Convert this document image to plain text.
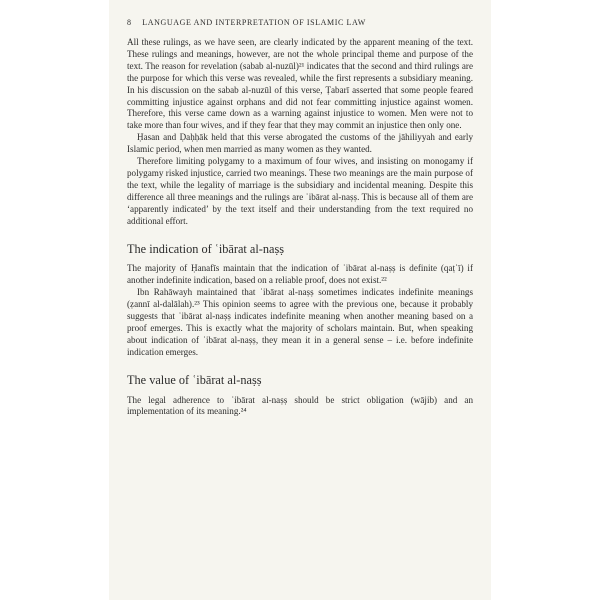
8 LANGUAGE AND INTERPRETATION OF ISLAMIC LAW

All these rulings, as we have seen, are clearly indicated by the apparent meaning of the text. These rulings and meanings, however, are not the whole principal theme and purpose of the text. The reason for revelation (sabab al-nuzūl)²¹ indicates that the second and third rulings are the purpose for which this verse was revealed, while the first represents a subsidiary meaning. In his discussion on the sabab al-nuzūl of this verse, Ṭabarī asserted that some people feared committing injustice against orphans and did not fear committing injustice against women. Therefore, this verse came down as a warning against injustice to women. Men were not to take more than four wives, and if they fear that they may commit an injustice then only one.

Ḥasan and Ḍaḥḥāk held that this verse abrogated the customs of the jāhiliyyah and early Islamic period, when men married as many women as they wanted.

Therefore limiting polygamy to a maximum of four wives, and insisting on monogamy if polygamy risked injustice, carried two meanings. These two meanings are the main purpose of the text, while the legality of marriage is the subsidiary and incidental meaning. Despite this difference all three meanings and the rulings are ʿibārat al-naṣṣ. This is because all of them are ‘apparently indicated’ by the text itself and their understanding from the text required no additional effort.

The indication of ʿibārat al-naṣṣ

The majority of Ḥanafīs maintain that the indication of ʿibārat al-naṣṣ is definite (qaṭʿī) if another indefinite indication, based on a reliable proof, does not exist.²²

Ibn Rahāwayh maintained that ʿibārat al-naṣṣ sometimes indicates indefinite meanings (ẓannī al-dalālah).²³ This opinion seems to agree with the previous one, because it probably suggests that ʿibārat al-naṣṣ indicates indefinite meaning when another meaning based on a proof emerges. This is exactly what the majority of scholars maintain. But, when speaking about indication of ʿibārat al-naṣṣ, they mean it in a general sense – i.e. before indefinite indication emerges.

The value of ʿibārat al-naṣṣ

The legal adherence to ʿibārat al-naṣṣ should be strict obligation (wājib) and an implementation of its meaning.²⁴
